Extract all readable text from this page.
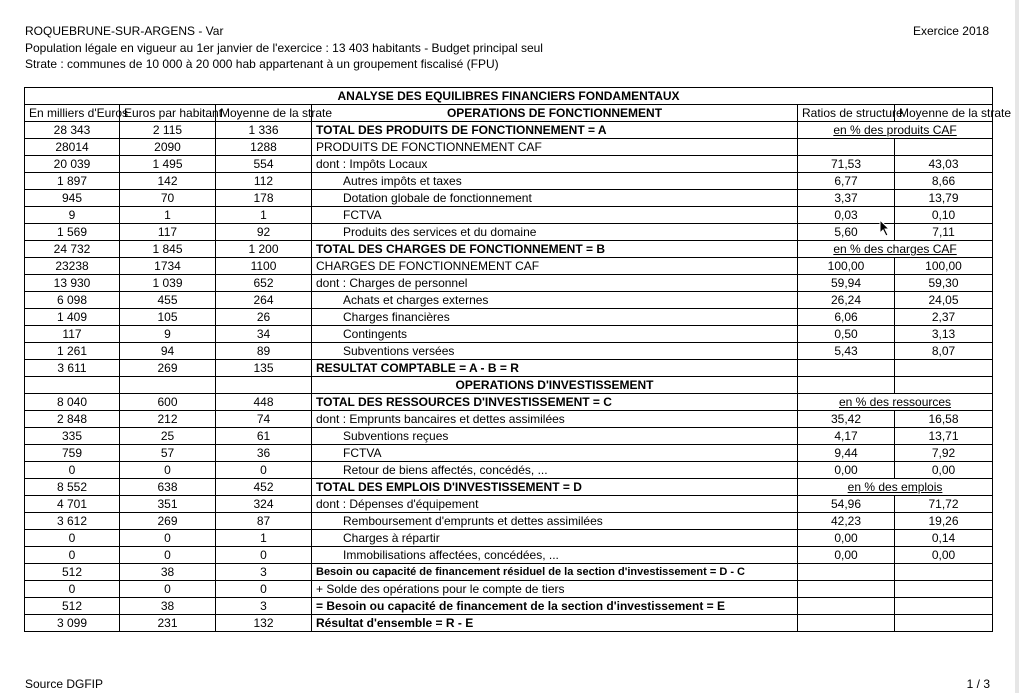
ROQUEBRUNE-SUR-ARGENS - Var
Population légale en vigueur au 1er janvier de l'exercice : 13 403 habitants - Budget principal seul
Strate : communes de 10 000 à 20 000 hab appartenant à un groupement fiscalisé (FPU)
Exercice 2018
ANALYSE DES EQUILIBRES FINANCIERS FONDAMENTAUX					
En milliers d'Euros	Euros par habitant	Moyenne de la strate	OPERATIONS DE FONCTIONNEMENT	Ratios de structure	Moyenne de la strate
28 343	2 115	1 336	TOTAL DES PRODUITS DE FONCTIONNEMENT = A	en % des produits CAF	
28014	2090	1288	PRODUITS DE FONCTIONNEMENT CAF		
20 039	1 495	554	dont : Impôts Locaux	71,53	43,03
1 897	142	112	Autres impôts et taxes	6,77	8,66
945	70	178	Dotation globale de fonctionnement	3,37	13,79
9	1	1	FCTVA	0,03	0,10
1 569	117	92	Produits des services et du domaine	5,60	7,11
24 732	1 845	1 200	TOTAL DES CHARGES DE FONCTIONNEMENT = B	en % des charges CAF	
23238	1734	1100	CHARGES DE FONCTIONNEMENT CAF	100,00	100,00
13 930	1 039	652	dont : Charges de personnel	59,94	59,30
6 098	455	264	Achats et charges externes	26,24	24,05
1 409	105	26	Charges financières	6,06	2,37
117	9	34	Contingents	0,50	3,13
1 261	94	89	Subventions versées	5,43	8,07
3 611	269	135	RESULTAT COMPTABLE = A - B = R		
			OPERATIONS D'INVESTISSEMENT		
8 040	600	448	TOTAL DES RESSOURCES D'INVESTISSEMENT = C	en % des ressources	
2 848	212	74	dont : Emprunts bancaires et dettes assimilées	35,42	16,58
335	25	61	Subventions reçues	4,17	13,71
759	57	36	FCTVA	9,44	7,92
0	0	0	Retour de biens affectés, concédés, ...	0,00	0,00
8 552	638	452	TOTAL DES EMPLOIS D'INVESTISSEMENT = D	en % des emplois	
4 701	351	324	dont : Dépenses d'équipement	54,96	71,72
3 612	269	87	Remboursement d'emprunts et dettes assimilées	42,23	19,26
0	0	1	Charges à répartir	0,00	0,14
0	0	0	Immobilisations affectées, concédées, ...	0,00	0,00
512	38	3	Besoin ou capacité de financement résiduel de la section d'investissement = D - C		
0	0	0	+ Solde des opérations pour le compte de tiers		
512	38	3	= Besoin ou capacité de financement de la section d'investissement = E		
3 099	231	132	Résultat d'ensemble = R - E		
Source DGFIP	1 / 3
